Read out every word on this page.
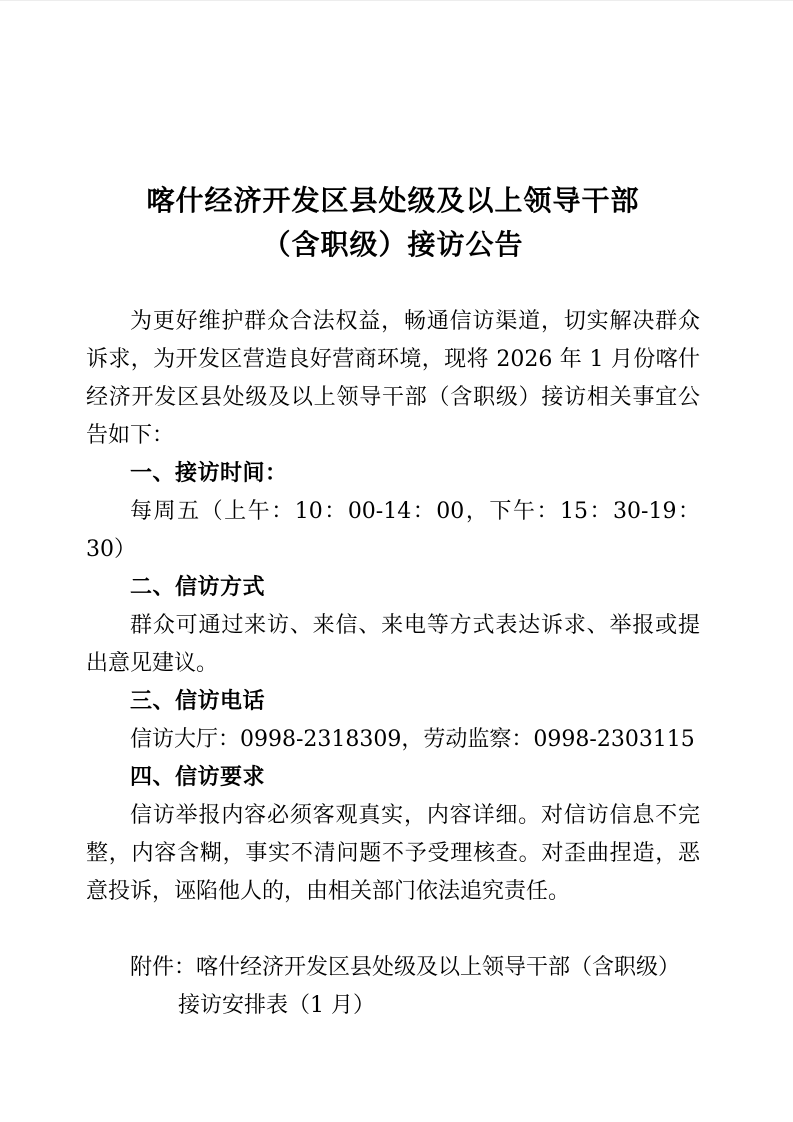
喀什经济开发区县处级及以上领导干部
（含职级）接访公告

为更好维护群众合法权益，畅通信访渠道，切实解决群众诉求，为开发区营造良好营商环境，现将 2026 年 1 月份喀什经济开发区县处级及以上领导干部（含职级）接访相关事宜公告如下：

一、接访时间：

每周五（上午：10：00-14：00，下午：15：30-19：30）

二、信访方式

群众可通过来访、来信、来电等方式表达诉求、举报或提出意见建议。

三、信访电话

信访大厅：0998-2318309，劳动监察：0998-2303115

四、信访要求

信访举报内容必须客观真实，内容详细。对信访信息不完整，内容含糊，事实不清问题不予受理核查。对歪曲捏造，恶意投诉，诬陷他人的，由相关部门依法追究责任。

附件：喀什经济开发区县处级及以上领导干部（含职级）

接访安排表（1 月）
